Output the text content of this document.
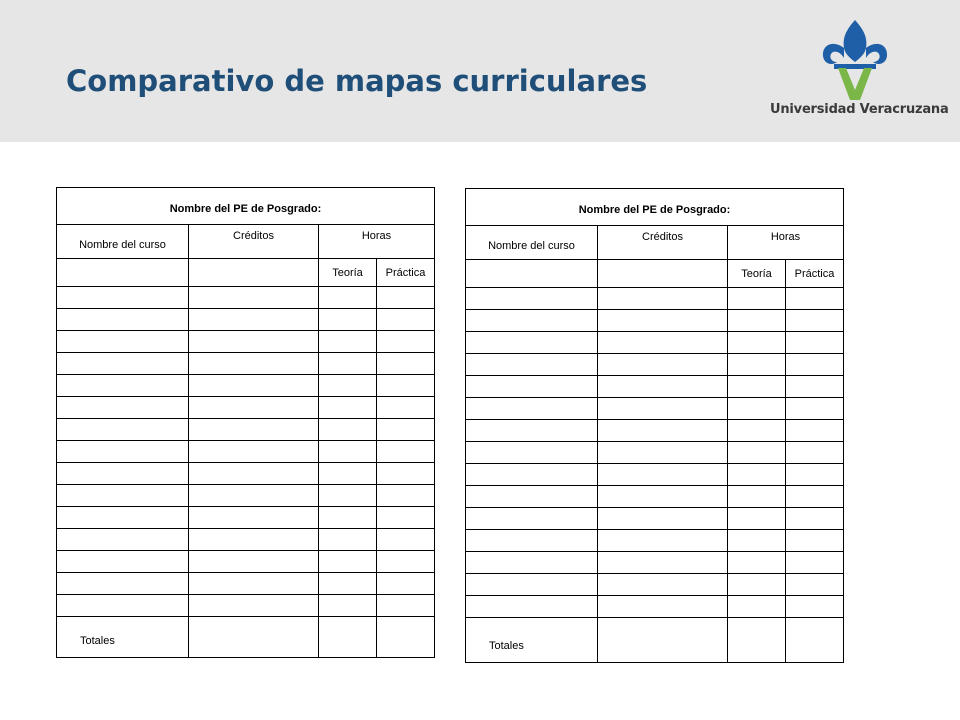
Comparativo de mapas curriculares
Universidad Veracruzana
Nombre del PE de Posgrado:			
Nombre del curso	Créditos	Horas	
		Teoría	Práctica

Totales			
Nombre del PE de Posgrado:			
Nombre del curso	Créditos	Horas	
		Teoría	Práctica

Totales			
